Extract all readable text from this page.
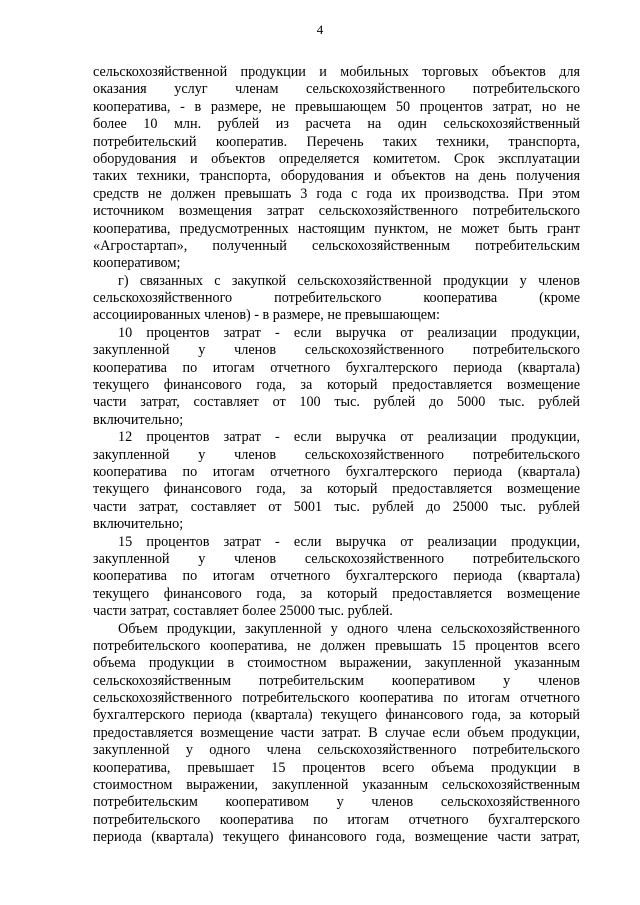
4
сельскохозяйственной продукции и мобильных торговых объектов для
оказания услуг членам сельскохозяйственного потребительского
кооператива, - в размере, не превышающем 50 процентов затрат, но не
более 10 млн. рублей из расчета на один сельскохозяйственный
потребительский кооператив. Перечень таких техники, транспорта,
оборудования и объектов определяется комитетом. Срок эксплуатации
таких техники, транспорта, оборудования и объектов на день получения
средств не должен превышать 3 года с года их производства. При этом
источником возмещения затрат сельскохозяйственного потребительского
кооператива, предусмотренных настоящим пунктом, не может быть грант
«Агростартап», полученный сельскохозяйственным потребительским
кооперативом;
г) связанных с закупкой сельскохозяйственной продукции у членов
сельскохозяйственного потребительского кооператива (кроме
ассоциированных членов) - в размере, не превышающем:
10 процентов затрат - если выручка от реализации продукции,
закупленной у членов сельскохозяйственного потребительского
кооператива по итогам отчетного бухгалтерского периода (квартала)
текущего финансового года, за который предоставляется возмещение
части затрат, составляет от 100 тыс. рублей до 5000 тыс. рублей
включительно;
12 процентов затрат - если выручка от реализации продукции,
закупленной у членов сельскохозяйственного потребительского
кооператива по итогам отчетного бухгалтерского периода (квартала)
текущего финансового года, за который предоставляется возмещение
части затрат, составляет от 5001 тыс. рублей до 25000 тыс. рублей
включительно;
15 процентов затрат - если выручка от реализации продукции,
закупленной у членов сельскохозяйственного потребительского
кооператива по итогам отчетного бухгалтерского периода (квартала)
текущего финансового года, за который предоставляется возмещение
части затрат, составляет более 25000 тыс. рублей.
Объем продукции, закупленной у одного члена сельскохозяйственного
потребительского кооператива, не должен превышать 15 процентов всего
объема продукции в стоимостном выражении, закупленной указанным
сельскохозяйственным потребительским кооперативом у членов
сельскохозяйственного потребительского кооператива по итогам отчетного
бухгалтерского периода (квартала) текущего финансового года, за который
предоставляется возмещение части затрат. В случае если объем продукции,
закупленной у одного члена сельскохозяйственного потребительского
кооператива, превышает 15 процентов всего объема продукции в
стоимостном выражении, закупленной указанным сельскохозяйственным
потребительским кооперативом у членов сельскохозяйственного
потребительского кооператива по итогам отчетного бухгалтерского
периода (квартала) текущего финансового года, возмещение части затрат,
